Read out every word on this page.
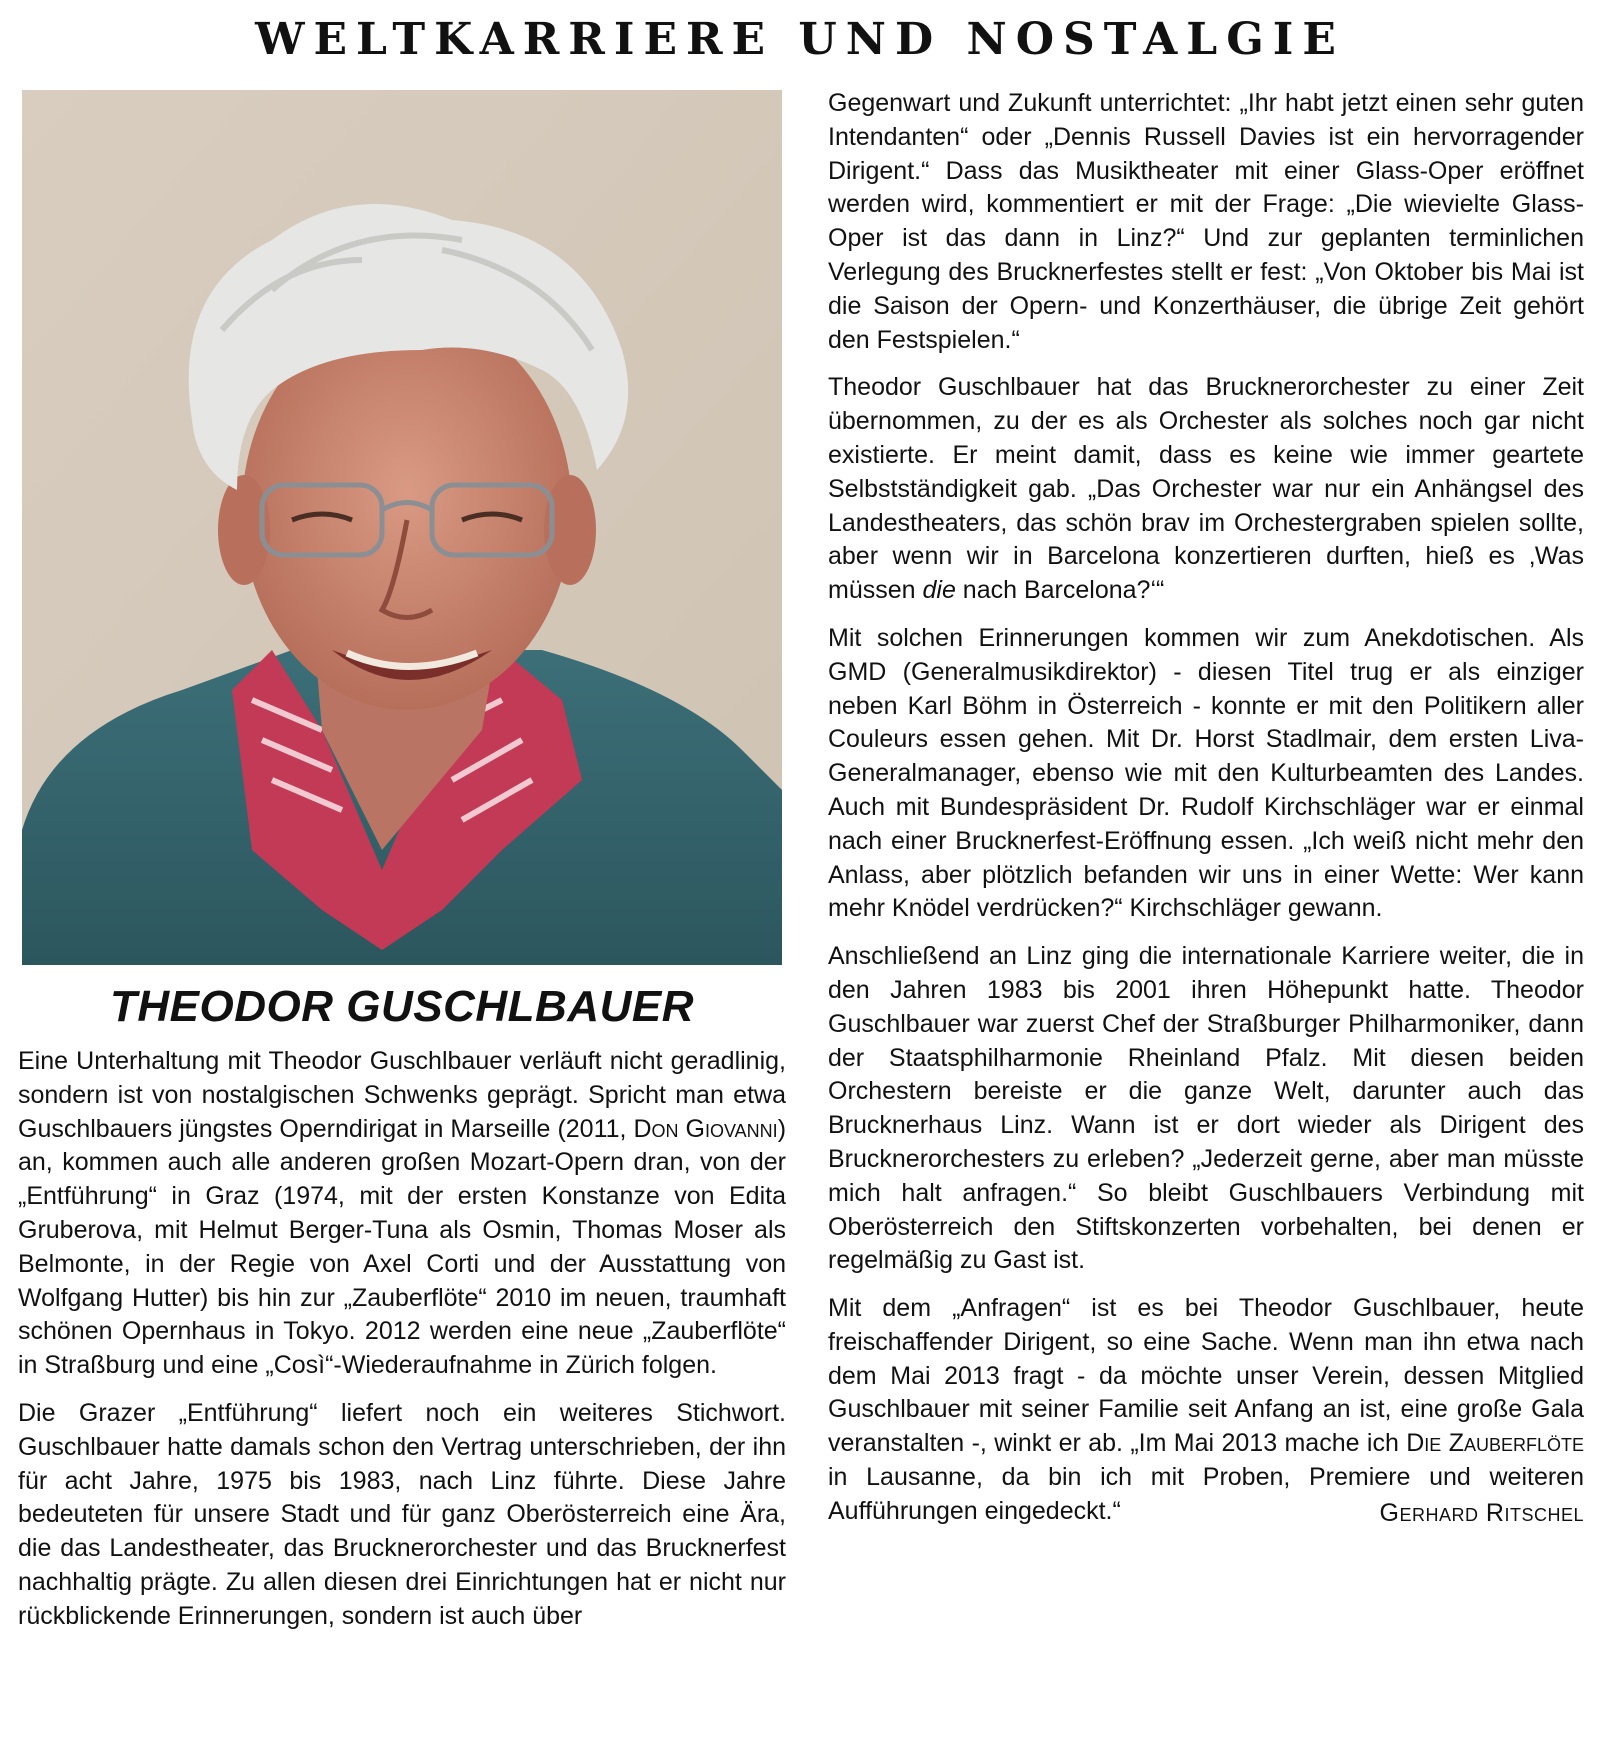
WELTKARRIERE UND NOSTALGIE
THEODOR GUSCHLBAUER

Eine Unterhaltung mit Theodor Guschlbauer verläuft nicht geradlinig, sondern ist von nostalgischen Schwenks geprägt. Spricht man etwa Guschlbauers jüngstes Operndirigat in Marseille (2011, Don Giovanni) an, kommen auch alle anderen großen Mozart-Opern dran, von der „Entführung“ in Graz (1974, mit der ersten Konstanze von Edita Gruberova, mit Helmut Berger-Tuna als Osmin, Thomas Moser als Belmonte, in der Regie von Axel Corti und der Ausstattung von Wolfgang Hutter) bis hin zur „Zauberflöte“ 2010 im neuen, traumhaft schönen Opernhaus in Tokyo. 2012 werden eine neue „Zauberflöte“ in Straßburg und eine „Così“-Wiederaufnahme in Zürich folgen.

Die Grazer „Entführung“ liefert noch ein weiteres Stichwort. Guschlbauer hatte damals schon den Vertrag unterschrieben, der ihn für acht Jahre, 1975 bis 1983, nach Linz führte. Diese Jahre bedeuteten für unsere Stadt und für ganz Oberösterreich eine Ära, die das Landestheater, das Brucknerorchester und das Brucknerfest nachhaltig prägte. Zu allen diesen drei Einrichtungen hat er nicht nur rückblickende Erinnerungen, sondern ist auch über

Gegenwart und Zukunft unterrichtet: „Ihr habt jetzt einen sehr guten Intendanten“ oder „Dennis Russell Davies ist ein hervorragender Dirigent.“ Dass das Musiktheater mit einer Glass-Oper eröffnet werden wird, kommentiert er mit der Frage: „Die wievielte Glass-Oper ist das dann in Linz?“ Und zur geplanten terminlichen Verlegung des Brucknerfestes stellt er fest: „Von Oktober bis Mai ist die Saison der Opern- und Konzerthäuser, die übrige Zeit gehört den Festspielen.“

Theodor Guschlbauer hat das Brucknerorchester zu einer Zeit übernommen, zu der es als Orchester als solches noch gar nicht existierte. Er meint damit, dass es keine wie immer geartete Selbstständigkeit gab. „Das Orchester war nur ein Anhängsel des Landestheaters, das schön brav im Orchestergraben spielen sollte, aber wenn wir in Barcelona konzertieren durften, hieß es ‚Was müssen die nach Barcelona?‘“

Mit solchen Erinnerungen kommen wir zum Anekdotischen. Als GMD (Generalmusikdirektor) - diesen Titel trug er als einziger neben Karl Böhm in Österreich - konnte er mit den Politikern aller Couleurs essen gehen. Mit Dr. Horst Stadlmair, dem ersten Liva-Generalmanager, ebenso wie mit den Kulturbeamten des Landes. Auch mit Bundespräsident Dr. Rudolf Kirchschläger war er einmal nach einer Brucknerfest-Eröffnung essen. „Ich weiß nicht mehr den Anlass, aber plötzlich befanden wir uns in einer Wette: Wer kann mehr Knödel verdrücken?“ Kirchschläger gewann.

Anschließend an Linz ging die internationale Karriere weiter, die in den Jahren 1983 bis 2001 ihren Höhepunkt hatte. Theodor Guschlbauer war zuerst Chef der Straßburger Philharmoniker, dann der Staatsphilharmonie Rheinland Pfalz. Mit diesen beiden Orchestern bereiste er die ganze Welt, darunter auch das Brucknerhaus Linz. Wann ist er dort wieder als Dirigent des Brucknerorchesters zu erleben? „Jederzeit gerne, aber man müsste mich halt anfragen.“ So bleibt Guschlbauers Verbindung mit Oberösterreich den Stiftskonzerten vorbehalten, bei denen er regelmäßig zu Gast ist.

Mit dem „Anfragen“ ist es bei Theodor Guschlbauer, heute freischaffender Dirigent, so eine Sache. Wenn man ihn etwa nach dem Mai 2013 fragt - da möchte unser Verein, dessen Mitglied Guschlbauer mit seiner Familie seit Anfang an ist, eine große Gala veranstalten -, winkt er ab. „Im Mai 2013 mache ich Die Zauberflöte in Lausanne, da bin ich mit Proben, Premiere und weiteren Aufführungen eingedeckt.“	Gerhard Ritschel
